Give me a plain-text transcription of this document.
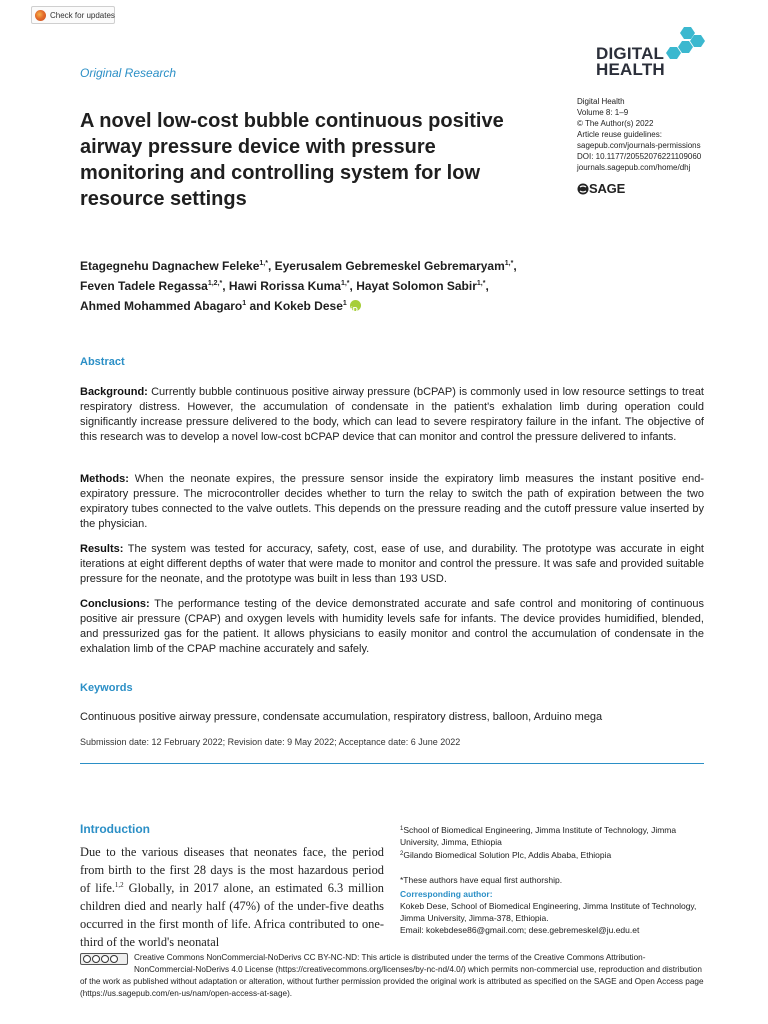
Check for updates
DIGITAL
HEALTH
Original Research
Digital Health
Volume 8: 1–9
© The Author(s) 2022
Article reuse guidelines:
sagepub.com/journals-permissions
DOI: 10.1177/20552076221109060
journals.sagepub.com/home/dhj
SAGE
A novel low-cost bubble continuous positive airway pressure device with pressure monitoring and controlling system for low resource settings
Etagegnehu Dagnachew Feleke$^{1,*}$, Eyerusalem Gebremeskel Gebremaryam$^{1,*}$,
Feven Tadele Regassa$^{1,2,*}$, Hawi Rorissa Kuma$^{1,*}$, Hayat Solomon Sabir$^{1,*}$,
Ahmed Mohammed Abagaro$^1$ and Kokeb Dese$^1$iD
Abstract

Background: Currently bubble continuous positive airway pressure (bCPAP) is commonly used in low resource settings to treat respiratory distress. However, the accumulation of condensate in the patient's exhalation limb during operation could significantly increase pressure delivered to the body, which can lead to severe respiratory failure in the infant. The objective of this research was to develop a novel low-cost bCPAP device that can monitor and control the pressure delivered to infants.

Methods: When the neonate expires, the pressure sensor inside the expiratory limb measures the instant positive end-expiratory pressure. The microcontroller decides whether to turn the relay to switch the path of expiration between the two expiratory tubes connected to the valve outlets. This depends on the pressure reading and the cutoff pressure value inserted by the physician.

Results: The system was tested for accuracy, safety, cost, ease of use, and durability. The prototype was accurate in eight iterations at eight different depths of water that were made to monitor and control the pressure. It was safe and provided suitable pressure for the neonate, and the prototype was built in less than 193 USD.

Conclusions: The performance testing of the device demonstrated accurate and safe control and monitoring of continuous positive air pressure (CPAP) and oxygen levels with humidity levels safe for infants. The device provides humidified, blended, and pressurized gas for the patient. It allows physicians to easily monitor and control the accumulation of condensate in the exhalation limb of the CPAP machine accurately and safely.

Keywords
Continuous positive airway pressure, condensate accumulation, respiratory distress, balloon, Arduino mega
Submission date: 12 February 2022; Revision date: 9 May 2022; Acceptance date: 6 June 2022
Introduction

Due to the various diseases that neonates face, the period from birth to the first 28 days is the most hazardous period of life.$^{1,2}$ Globally, in 2017 alone, an estimated 6.3 million children died and nearly half (47%) of the under-five deaths occurred in the first month of life. Africa contributed to one-third of the world's neonatal

$^1$School of Biomedical Engineering, Jimma Institute of Technology, Jimma University, Jimma, Ethiopia
$^2$Gilando Biomedical Solution Plc, Addis Ababa, Ethiopia
*These authors have equal first authorship.
Corresponding author:
Kokeb Dese, School of Biomedical Engineering, Jimma Institute of Technology, Jimma University, Jimma-378, Ethiopia.
Email: kokebdese86@gmail.com; dese.gebremeskel@ju.edu.et
Creative Commons NonCommercial-NoDerivs CC BY-NC-ND: This article is distributed under the terms of the Creative Commons Attribution-NonCommercial-NoDerivs 4.0 License (https://creativecommons.org/licenses/by-nc-nd/4.0/) which permits non-commercial use, reproduction and distribution of the work as published without adaptation or alteration, without further permission provided the original work is attributed as specified on the SAGE and Open Access page (https://us.sagepub.com/en-us/nam/open-access-at-sage).
